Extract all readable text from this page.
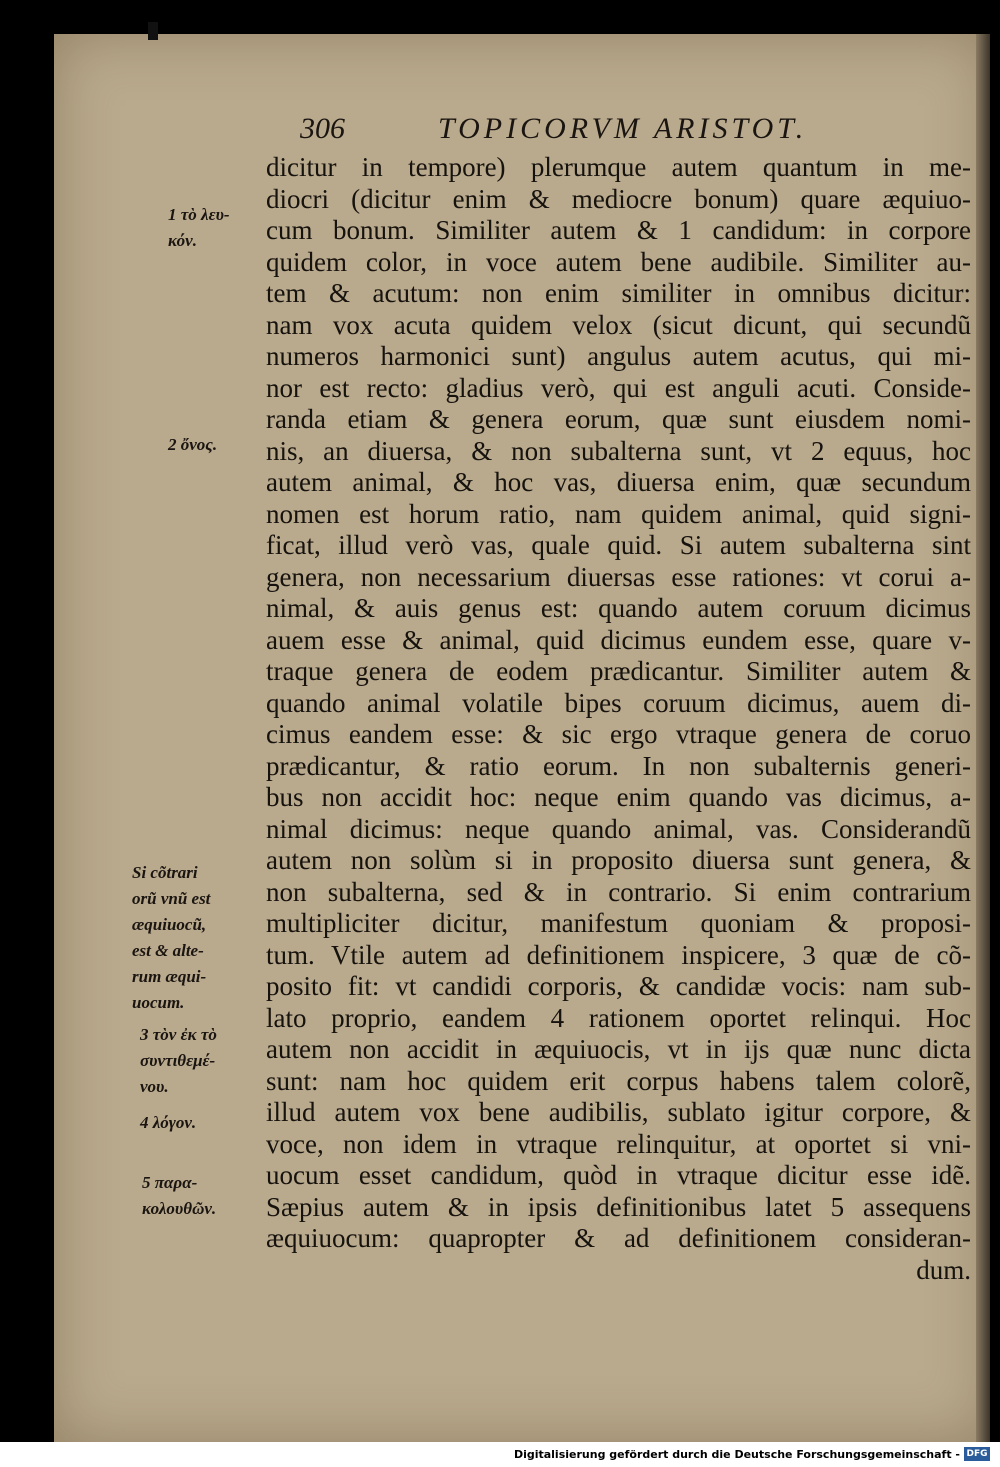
306	TOPICORVM ARISTOT.
dicitur in tempore) plerumque autem quantum in me-
diocri (dicitur enim & mediocre bonum) quare æquiuo-
cum bonum. Similiter autem & 1 candidum: in corpore
quidem color, in voce autem bene audibile. Similiter au-
tem & acutum: non enim similiter in omnibus dicitur:
nam vox acuta quidem velox (sicut dicunt, qui secundũ
numeros harmonici sunt) angulus autem acutus, qui mi-
nor est recto: gladius verò, qui est anguli acuti. Conside-
randa etiam & genera eorum, quæ sunt eiusdem nomi-
nis, an diuersa, & non subalterna sunt, vt 2 equus, hoc
autem animal, & hoc vas, diuersa enim, quæ secundum
nomen est horum ratio, nam quidem animal, quid signi-
ficat, illud verò vas, quale quid. Si autem subalterna sint
genera, non necessarium diuersas esse rationes: vt corui a-
nimal, & auis genus est: quando autem coruum dicimus
auem esse & animal, quid dicimus eundem esse, quare v-
traque genera de eodem prædicantur. Similiter autem &
quando animal volatile bipes coruum dicimus, auem di-
cimus eandem esse: & sic ergo vtraque genera de coruo
prædicantur, & ratio eorum. In non subalternis generi-
bus non accidit hoc: neque enim quando vas dicimus, a-
nimal dicimus: neque quando animal, vas. Considerandũ
autem non solùm si in proposito diuersa sunt genera, &
non subalterna, sed & in contrario. Si enim contrarium
multipliciter dicitur, manifestum quoniam & proposi-
tum. Vtile autem ad definitionem inspicere, 3 quæ de cõ-
posito fit: vt candidi corporis, & candidæ vocis: nam sub-
lato proprio, eandem 4 rationem oportet relinqui. Hoc
autem non accidit in æquiuocis, vt in ijs quæ nunc dicta
sunt: nam hoc quidem erit corpus habens talem colorẽ,
illud autem vox bene audibilis, sublato igitur corpore, &
voce, non idem in vtraque relinquitur, at oportet si vni-
uocum esset candidum, quòd in vtraque dicitur esse idẽ.
Sæpius autem & in ipsis definitionibus latet 5 assequens
æquiuocum: quapropter & ad definitionem consideran-
dum.
1 τὸ λευ-
κόν.
2 ὄνος.
Si cõtrari
orũ vnũ est
æquiuocũ,
est & alte-
rum æqui-
uocum.
3 τὸν ἐκ τὸ
συντιθεμέ-
νου.
4 λόγον.
5 παρα-
κολουθῶν.
Digitalisierung gefördert durch die Deutsche Forschungsgemeinschaft - DFG
